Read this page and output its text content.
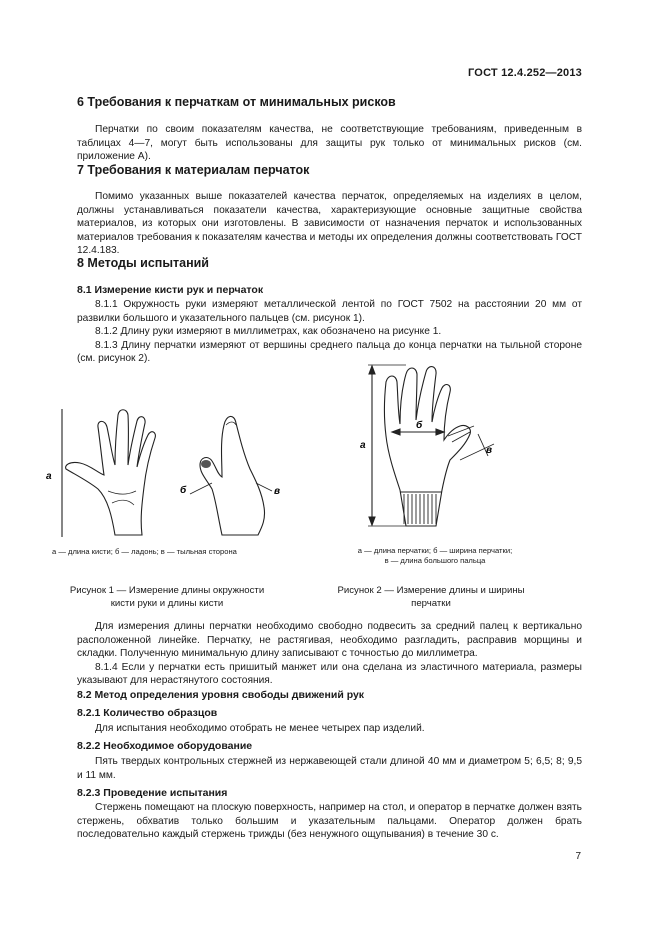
ГОСТ 12.4.252—2013
6 Требования к перчаткам от минимальных рисков

Перчатки по своим показателям качества, не соответствующие требованиям, приведенным в таблицах 4—7, могут быть использованы для защиты рук только от минимальных рисков (см. приложение А).

7 Требования к материалам перчаток

Помимо указанных выше показателей качества перчаток, определяемых на изделиях в целом, должны устанавливаться показатели качества, характеризующие основные защитные свойства материалов, из которых они изготовлены. В зависимости от назначения перчаток и использованных материалов требования к показателям качества и методы их определения должны соответствовать ГОСТ 12.4.183.

8 Методы испытаний
8.1 Измерение кисти рук и перчаток

8.1.1 Окружность руки измеряют металлической лентой по ГОСТ 7502 на расстоянии 20 мм от развилки большого и указательного пальцев (см. рисунок 1).

8.1.2 Длину руки измеряют в миллиметрах, как обозначено на рисунке 1.

8.1.3 Длину перчатки измеряют от вершины среднего пальца до конца перчатки на тыльной стороне (см. рисунок 2).

а
б	в
а
б
в
а — длина кисти; б — ладонь; в — тыльная сторона	а — длина перчатки; б — ширина перчатки;
в — длина большого пальца
Рисунок 1 — Измерение длины окружности
кисти руки и длины кисти
Рисунок 2 — Измерение длины и ширины
перчатки

Для измерения длины перчатки необходимо свободно подвесить за средний палец к вертикально расположенной линейке. Перчатку, не растягивая, необходимо разгладить, расправив морщины и складки. Полученную минимальную длину записывают с точностью до миллиметра.

8.1.4 Если у перчатки есть пришитый манжет или она сделана из эластичного материала, размеры указывают для нерастянутого состояния.

8.2 Метод определения уровня свободы движений рук
8.2.1 Количество образцов

Для испытания необходимо отобрать не менее четырех пар изделий.

8.2.2 Необходимое оборудование

Пять твердых контрольных стержней из нержавеющей стали длиной 40 мм и диаметром 5; 6,5; 8; 9,5 и 11 мм.

8.2.3 Проведение испытания

Стержень помещают на плоскую поверхность, например на стол, и оператор в перчатке должен взять стержень, обхватив только большим и указательным пальцами. Оператор должен брать последовательно каждый стержень трижды (без ненужного ощупывания) в течение 30 с.

7
